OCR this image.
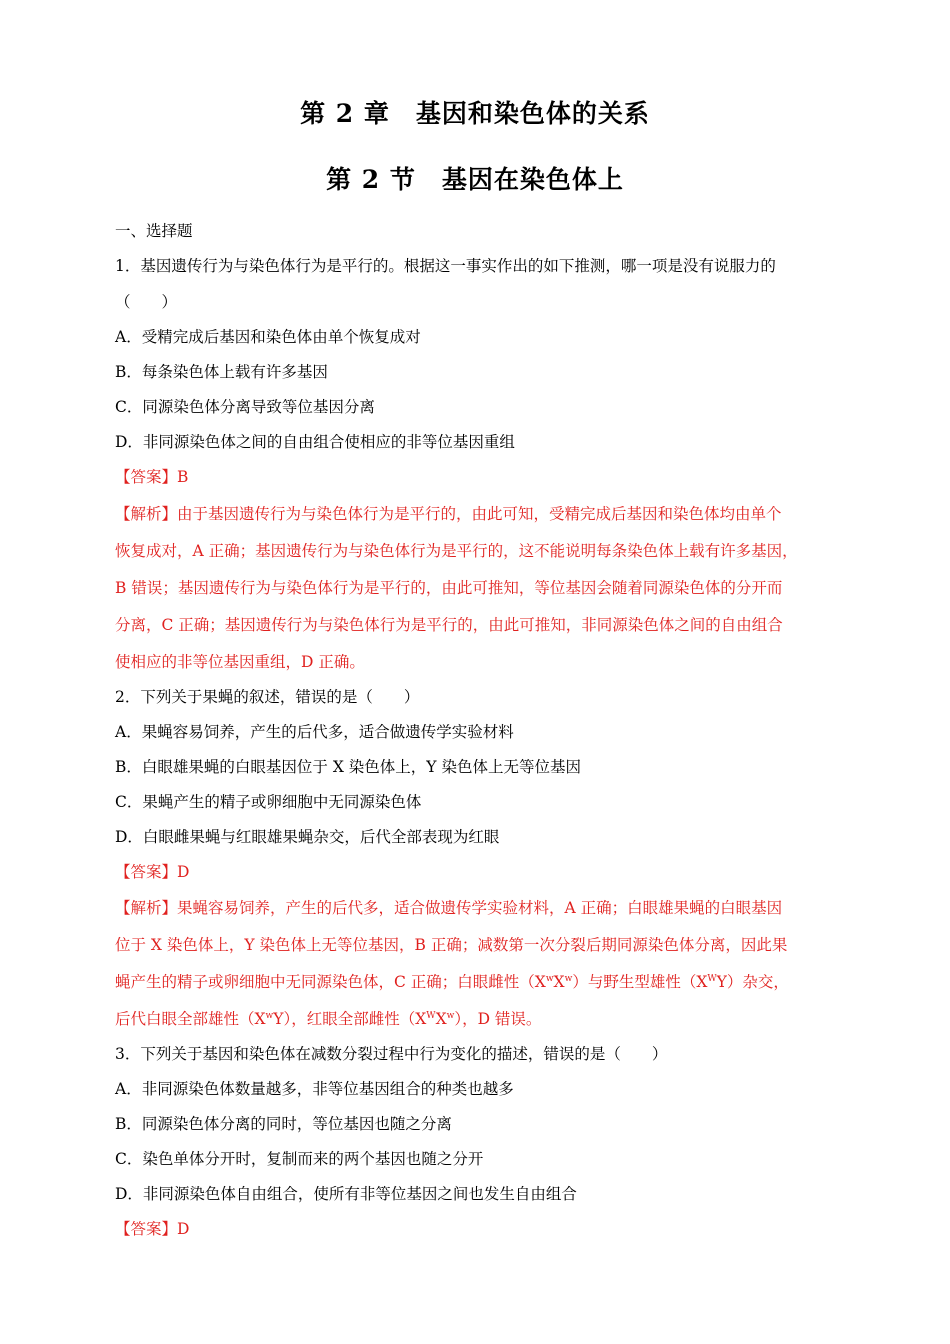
第 2 章　基因和染色体的关系
第 2 节　基因在染色体上
一、选择题
1．基因遗传行为与染色体行为是平行的。根据这一事实作出的如下推测，哪一项是没有说服力的
（　　）
A．受精完成后基因和染色体由单个恢复成对
B．每条染色体上载有许多基因
C．同源染色体分离导致等位基因分离
D．非同源染色体之间的自由组合使相应的非等位基因重组
【答案】B
【解析】由于基因遗传行为与染色体行为是平行的，由此可知，受精完成后基因和染色体均由单个
恢复成对，A 正确；基因遗传行为与染色体行为是平行的，这不能说明每条染色体上载有许多基因，
B 错误；基因遗传行为与染色体行为是平行的，由此可推知，等位基因会随着同源染色体的分开而
分离，C 正确；基因遗传行为与染色体行为是平行的，由此可推知，非同源染色体之间的自由组合
使相应的非等位基因重组，D 正确。
2．下列关于果蝇的叙述，错误的是（　　）
A．果蝇容易饲养，产生的后代多，适合做遗传学实验材料
B．白眼雄果蝇的白眼基因位于 X 染色体上，Y 染色体上无等位基因
C．果蝇产生的精子或卵细胞中无同源染色体
D．白眼雌果蝇与红眼雄果蝇杂交，后代全部表现为红眼
【答案】D
【解析】果蝇容易饲养，产生的后代多，适合做遗传学实验材料，A 正确；白眼雄果蝇的白眼基因
位于 X 染色体上，Y 染色体上无等位基因，B 正确；减数第一次分裂后期同源染色体分离，因此果
蝇产生的精子或卵细胞中无同源染色体，C 正确；白眼雌性$(X^wX^w)$与野生型雄性$(X^WY)$杂交，
后代白眼全部雄性$(X^wY)$，红眼全部雌性$(X^WX^w)$，D 错误。
3．下列关于基因和染色体在减数分裂过程中行为变化的描述，错误的是（　　）
A．非同源染色体数量越多，非等位基因组合的种类也越多
B．同源染色体分离的同时，等位基因也随之分离
C．染色单体分开时，复制而来的两个基因也随之分开
D．非同源染色体自由组合，使所有非等位基因之间也发生自由组合
【答案】D
